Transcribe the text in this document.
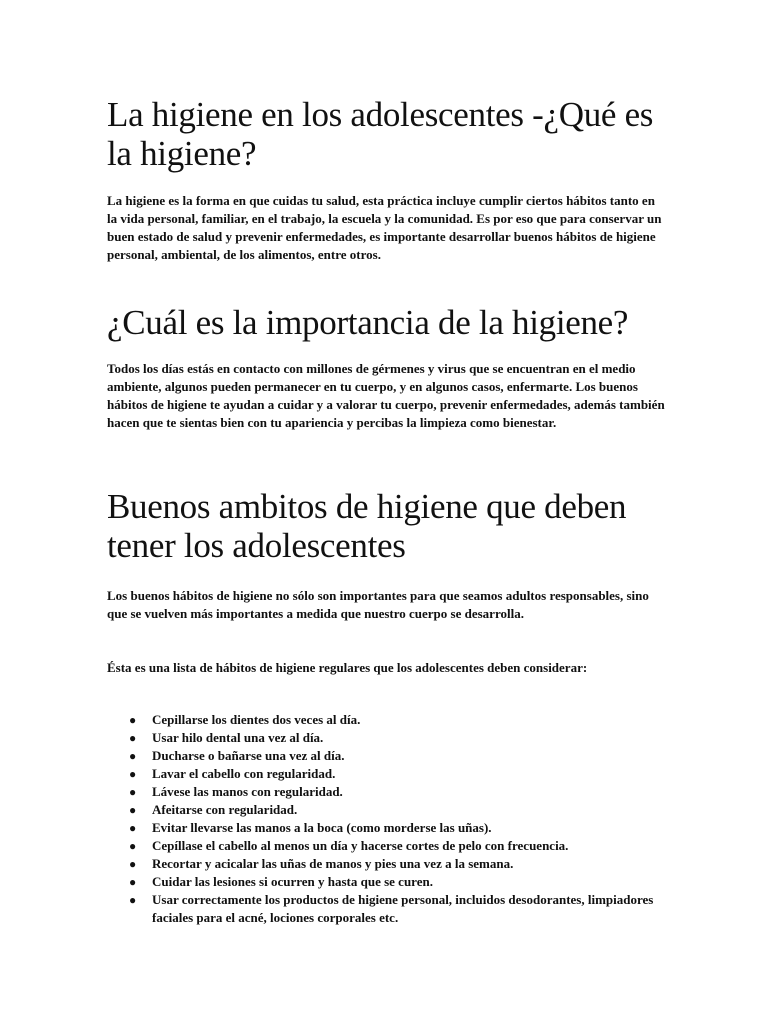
La higiene en los adolescentes -¿Qué es la higiene?

La higiene es la forma en que cuidas tu salud, esta práctica incluye cumplir ciertos hábitos tanto en la vida personal, familiar, en el trabajo, la escuela y la comunidad. Es por eso que para conservar un buen estado de salud y prevenir enfermedades, es importante desarrollar buenos hábitos de higiene personal, ambiental, de los alimentos, entre otros.

¿Cuál es la importancia de la higiene?

Todos los días estás en contacto con millones de gérmenes y virus que se encuentran en el medio ambiente, algunos pueden permanecer en tu cuerpo, y en algunos casos, enfermarte. Los buenos hábitos de higiene te ayudan a cuidar y a valorar tu cuerpo, prevenir enfermedades, además también hacen que te sientas bien con tu apariencia y percibas la limpieza como bienestar.

Buenos ambitos de higiene que deben tener los adolescentes

Los buenos hábitos de higiene no sólo son importantes para que seamos adultos responsables, sino que se vuelven más importantes a medida que nuestro cuerpo se desarrolla.

Ésta es una lista de hábitos de higiene regulares que los adolescentes deben considerar:

● Cepillarse los dientes dos veces al día.
● Usar hilo dental una vez al día.
● Ducharse o bañarse una vez al día.
● Lavar el cabello con regularidad.
● Lávese las manos con regularidad.
● Afeitarse con regularidad.
● Evitar llevarse las manos a la boca (como morderse las uñas).
● Cepíllase el cabello al menos un día y hacerse cortes de pelo con frecuencia.
● Recortar y acicalar las uñas de manos y pies una vez a la semana.
● Cuidar las lesiones si ocurren y hasta que se curen.
● Usar correctamente los productos de higiene personal, incluidos desodorantes, limpiadores faciales para el acné, lociones corporales etc.
